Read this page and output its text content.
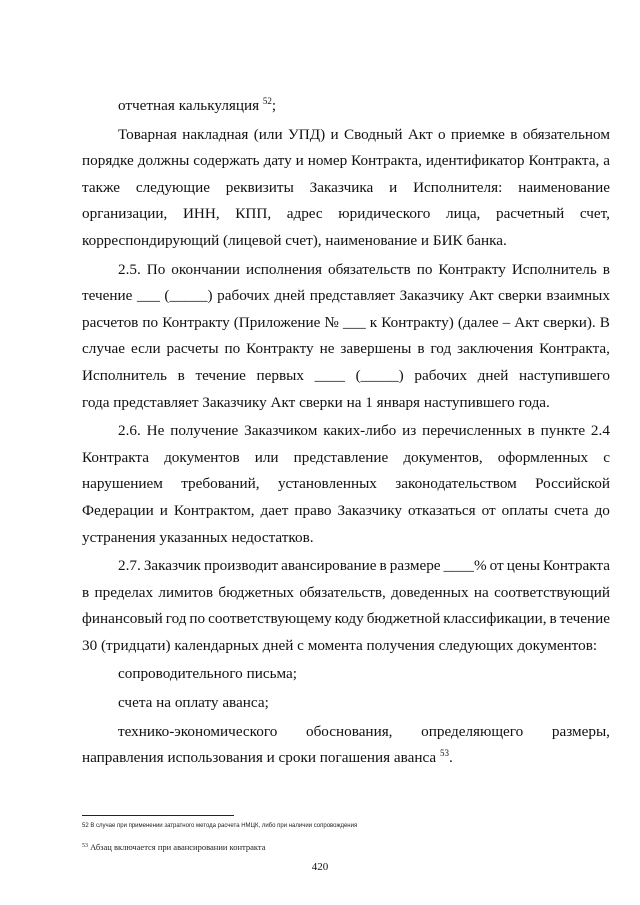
отчетная калькуляция $^{52}$;
Товарная накладная (или УПД) и Сводный Акт о приемке в обязательном
порядке должны содержать дату и номер Контракта, идентификатор Контракта, а
также следующие реквизиты Заказчика и Исполнителя: наименование
организации, ИНН, КПП, адрес юридического лица, расчетный счет,
корреспондирующий (лицевой счет), наименование и БИК банка.
2.5. По окончании исполнения обязательств по Контракту Исполнитель в
течение ___ (_____) рабочих дней представляет Заказчику Акт сверки взаимных
расчетов по Контракту (Приложение № ___ к Контракту) (далее – Акт сверки). В
случае если расчеты по Контракту не завершены в год заключения Контракта,
Исполнитель в течение первых ____ (_____) рабочих дней наступившего
года представляет Заказчику Акт сверки на 1 января наступившего года.
2.6. Не получение Заказчиком каких-либо из перечисленных в пункте 2.4
Контракта документов или представление документов, оформленных с
нарушением требований, установленных законодательством Российской
Федерации и Контрактом, дает право Заказчику отказаться от оплаты счета до
устранения указанных недостатков.
2.7. Заказчик производит авансирование в размере ____% от цены Контракта
в пределах лимитов бюджетных обязательств, доведенных на соответствующий
финансовый год по соответствующему коду бюджетной классификации, в течение
30 (тридцати) календарных дней с момента получения следующих документов:
сопроводительного письма;
счета на оплату аванса;
технико-экономического обоснования, определяющего размеры,
направления использования и сроки погашения аванса $^{53}$.
52 В случае при применении затратного метода расчета НМЦК, либо при наличии сопровождения
$^{53}$ Абзац включается при авансировании контракта
420
